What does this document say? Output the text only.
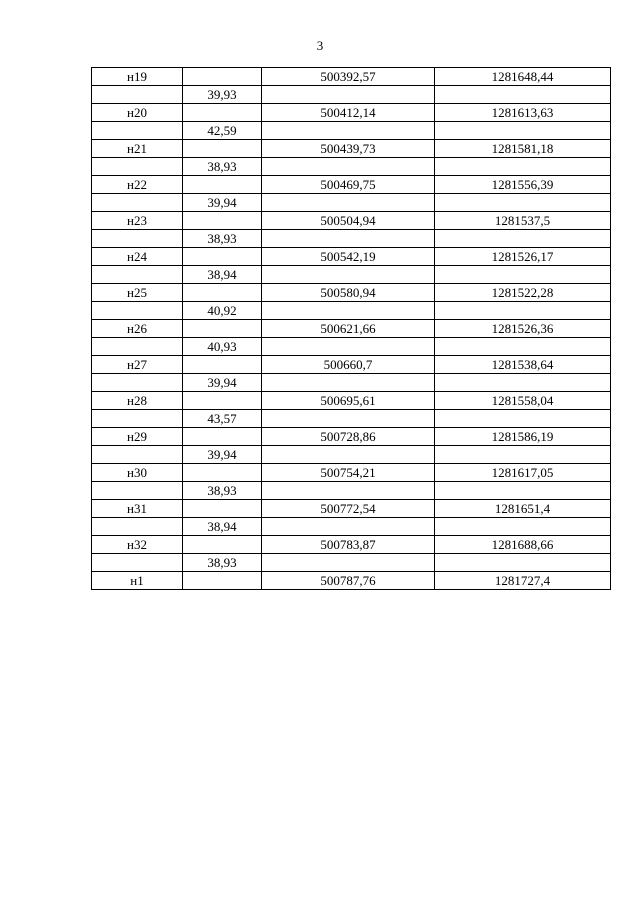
3
н19		500392,57	1281648,44
	39,93		
н20		500412,14	1281613,63
	42,59		
н21		500439,73	1281581,18
	38,93		
н22		500469,75	1281556,39
	39,94		
н23		500504,94	1281537,5
	38,93		
н24		500542,19	1281526,17
	38,94		
н25		500580,94	1281522,28
	40,92		
н26		500621,66	1281526,36
	40,93		
н27		500660,7	1281538,64
	39,94		
н28		500695,61	1281558,04
	43,57		
н29		500728,86	1281586,19
	39,94		
н30		500754,21	1281617,05
	38,93		
н31		500772,54	1281651,4
	38,94		
н32		500783,87	1281688,66
	38,93		
н1		500787,76	1281727,4
